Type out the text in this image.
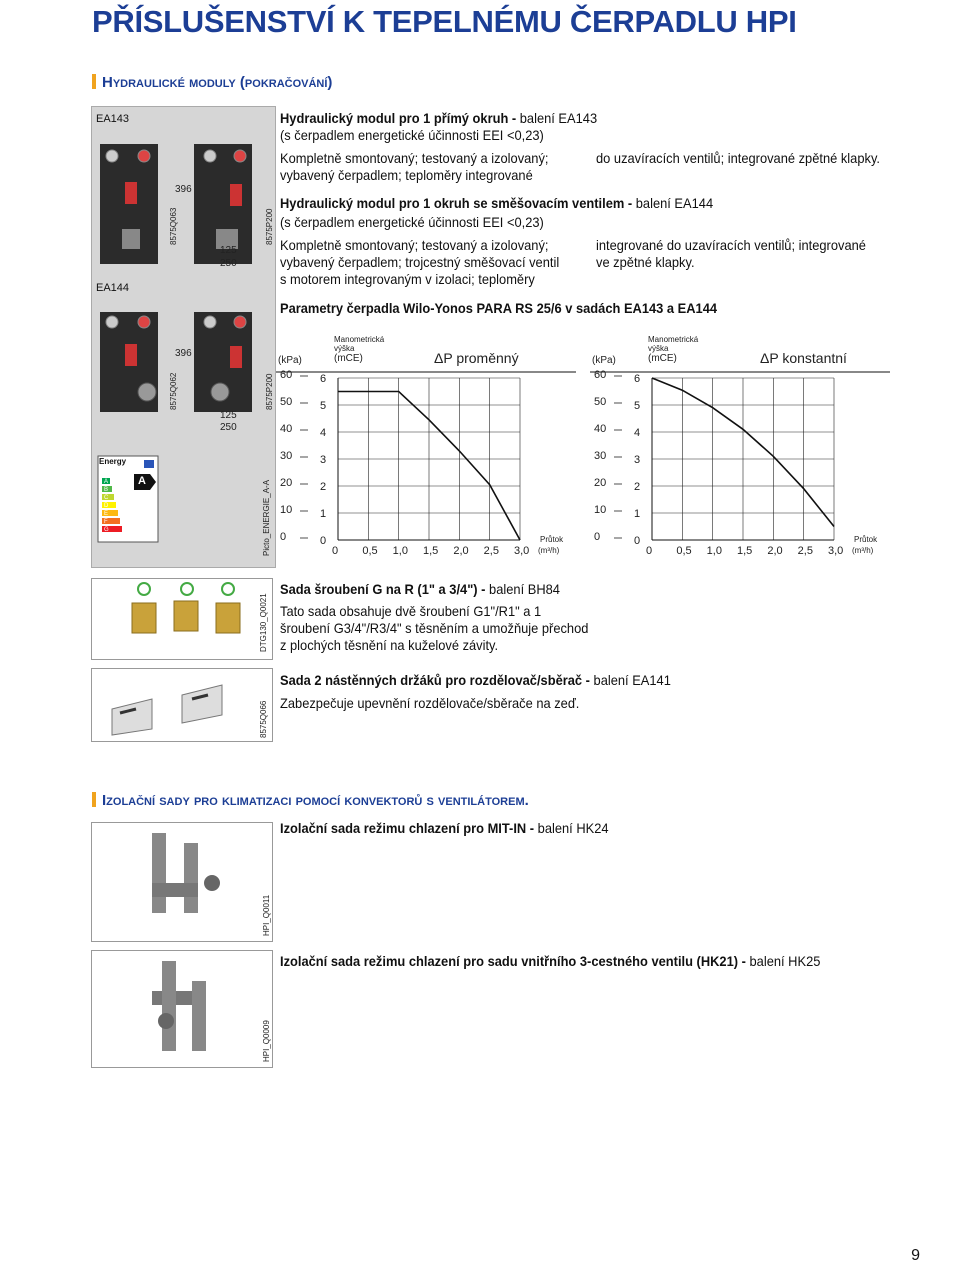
PŘÍSLUŠENSTVÍ K TEPELNÉMU ČERPADLU HPI
Hydraulické moduly (pokračování)
EA143
EA144
Energy
A
A
B
C
D
E
F
G
396
125
250
396
125
250
8575Q063	8575P200
8575Q062	8575P200
Picto_ENERGIE_A-A
Hydraulický modul pro 1 přímý okruh - balení EA143
(s čerpadlem energetické účinnosti EEI <0,23)
Kompletně smontovaný; testovaný a izolovaný;
vybavený čerpadlem; teploměry integrované
do uzavíracích ventilů; integrované zpětné klapky.
Hydraulický modul pro 1 okruh se směšovacím ventilem - balení EA144
(s čerpadlem energetické účinnosti EEI <0,23)
Kompletně smontovaný; testovaný a izolovaný;
vybavený čerpadlem; trojcestný směšovací ventil
s motorem integrovaným v izolaci; teploměry
integrované do uzavíracích ventilů; integrované
ve zpětné klapky.
Parametry čerpadla Wilo-Yonos PARA RS 25/6 v sadách EA143 a EA144
(kPa)
Manometrická
výška
(mCE)	ΔP proměnný
0 0,5 1,0 1,5 2,0 2,5 3,0
0
0
1
10
2
20
3
30
4
40
5
50
6
60
Průtok
(m³/h)
(kPa)
Manometrická
výška
(mCE)	ΔP konstantní
0 0,5 1,0 1,5 2,0 2,5 3,0
0
0
1
10
2
20
3
30
4
40
5
50
6
60
Průtok
(m³/h)
DTG130_Q0021
Sada šroubení G na R (1" a 3/4") - balení BH84
Tato sada obsahuje dvě šroubení G1"/R1" a 1
šroubení G3/4"/R3/4" s těsněním a umožňuje přechod
z plochých těsnění na kuželové závity.
8575Q066
Sada 2 nástěnných držáků pro rozdělovač/sběrač - balení EA141
Zabezpečuje upevnění rozdělovače/sběrače na zeď.
Izolační sady pro klimatizaci pomocí konvektorů s ventilátorem.
HPI_Q0011
Izolační sada režimu chlazení pro MIT-IN - balení HK24
HPI_Q0009
Izolační sada režimu chlazení pro sadu vnitřního 3-cestného ventilu (HK21) - balení HK25
9
